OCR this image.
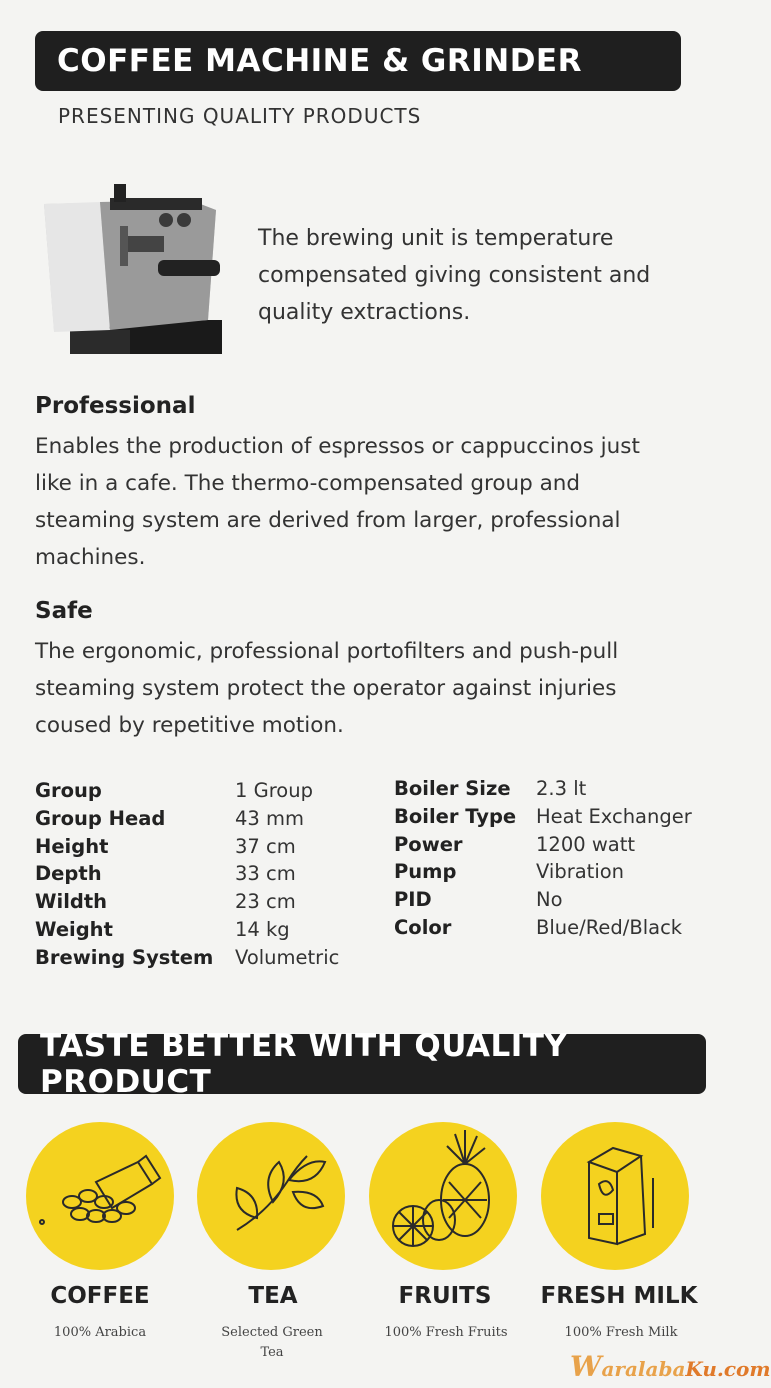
COFFEE MACHINE & GRINDER
PRESENTING QUALITY PRODUCTS
The brewing unit is temperature compensated giving consistent and quality extractions.
Professional
Enables the production of espressos or cappuccinos just like in a cafe. The thermo-compensated group and steaming system are derived from larger, professional machines.
Safe
The ergonomic, professional portofilters and push-pull steaming system protect the operator against injuries coused by repetitive motion.
Group	1 Group
Group Head	43 mm
Height	37 cm
Depth	33 cm
Wildth	23 cm
Weight	14 kg
Brewing System	Volumetric
Boiler Size	2.3 lt
Boiler Type	Heat Exchanger
Power	1200 watt
Pump	Vibration
PID	No
Color	Blue/Red/Black
TASTE BETTER WITH QUALITY PRODUCT
COFFEE
100% Arabica
TEA
Selected Green Tea
FRUITS
100% Fresh Fruits
FRESH MILK
100% Fresh Milk
WaralabaKu.com
